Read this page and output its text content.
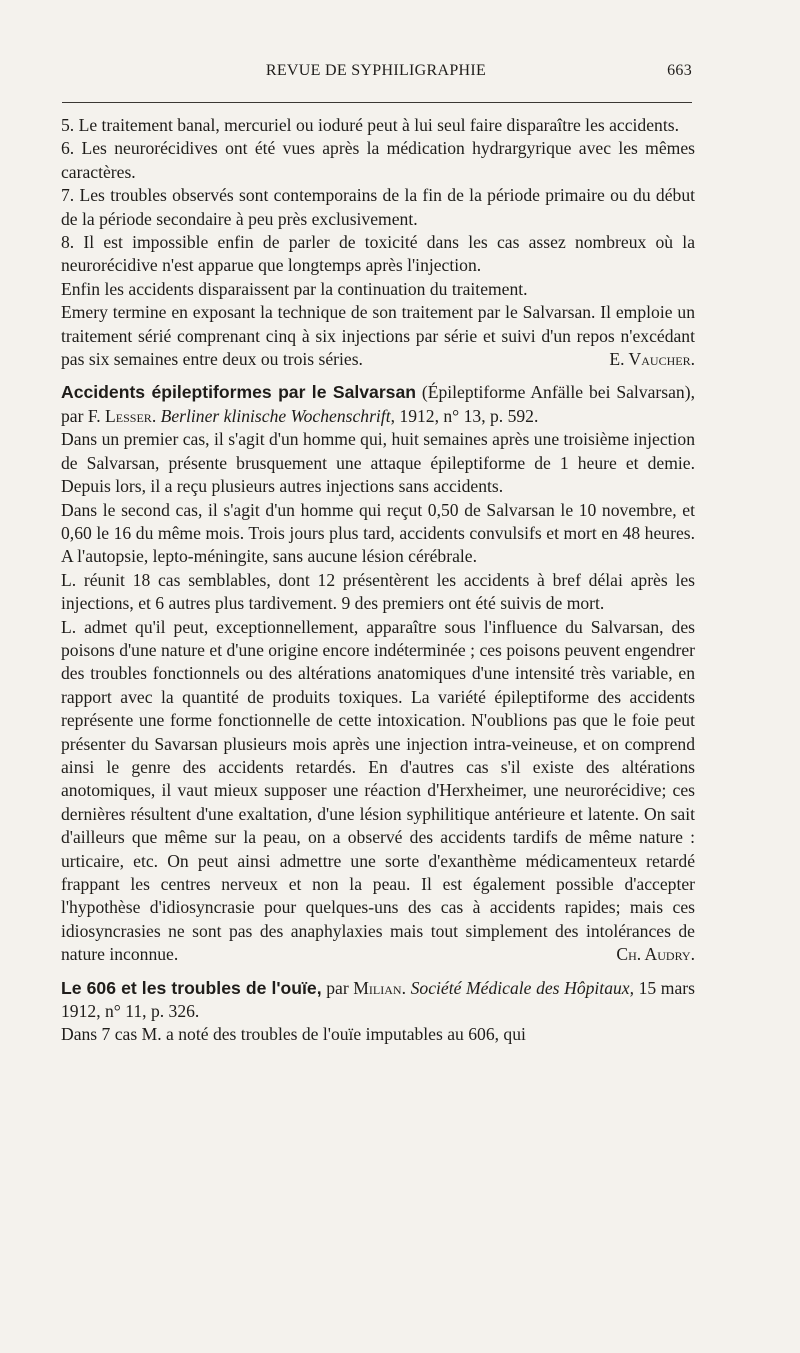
REVUE DE SYPHILIGRAPHIE	663

5. Le traitement banal, mercuriel ou ioduré peut à lui seul faire disparaître les accidents.

6. Les neurorécidives ont été vues après la médication hydrargyrique avec les mêmes caractères.

7. Les troubles observés sont contemporains de la fin de la période primaire ou du début de la période secondaire à peu près exclusivement.

8. Il est impossible enfin de parler de toxicité dans les cas assez nombreux où la neurorécidive n'est apparue que longtemps après l'injection.

Enfin les accidents disparaissent par la continuation du traitement.

Emery termine en exposant la technique de son traitement par le Salvarsan. Il emploie un traitement sérié comprenant cinq à six injections par série et suivi d'un repos n'excédant pas six semaines entre deux ou trois séries.	E. Vaucher.

Accidents épileptiformes par le Salvarsan (Épileptiforme Anfälle bei Salvarsan), par F. Lesser. Berliner klinische Wochenschrift, 1912, n° 13, p. 592.

Dans un premier cas, il s'agit d'un homme qui, huit semaines après une troisième injection de Salvarsan, présente brusquement une attaque épileptiforme de 1 heure et demie. Depuis lors, il a reçu plusieurs autres injections sans accidents.

Dans le second cas, il s'agit d'un homme qui reçut 0,50 de Salvarsan le 10 novembre, et 0,60 le 16 du même mois. Trois jours plus tard, accidents convulsifs et mort en 48 heures. A l'autopsie, lepto-méningite, sans aucune lésion cérébrale.

L. réunit 18 cas semblables, dont 12 présentèrent les accidents à bref délai après les injections, et 6 autres plus tardivement. 9 des premiers ont été suivis de mort.

L. admet qu'il peut, exceptionnellement, apparaître sous l'influence du Salvarsan, des poisons d'une nature et d'une origine encore indéterminée ; ces poisons peuvent engendrer des troubles fonctionnels ou des altérations anatomiques d'une intensité très variable, en rapport avec la quantité de produits toxiques. La variété épileptiforme des accidents représente une forme fonctionnelle de cette intoxication. N'oublions pas que le foie peut présenter du Savarsan plusieurs mois après une injection intra-veineuse, et on comprend ainsi le genre des accidents retardés. En d'autres cas s'il existe des altérations anotomiques, il vaut mieux supposer une réaction d'Herxheimer, une neurorécidive; ces dernières résultent d'une exaltation, d'une lésion syphilitique antérieure et latente. On sait d'ailleurs que même sur la peau, on a observé des accidents tardifs de même nature : urticaire, etc. On peut ainsi admettre une sorte d'exanthème médicamenteux retardé frappant les centres nerveux et non la peau. Il est également possible d'accepter l'hypothèse d'idiosyncrasie pour quelques-uns des cas à accidents rapides; mais ces idiosyncrasies ne sont pas des anaphylaxies mais tout simplement des intolérances de nature inconnue.	Ch. Audry.

Le 606 et les troubles de l'ouïe, par Milian. Société Médicale des Hôpitaux, 15 mars 1912, n° 11, p. 326.

Dans 7 cas M. a noté des troubles de l'ouïe imputables au 606, qui
